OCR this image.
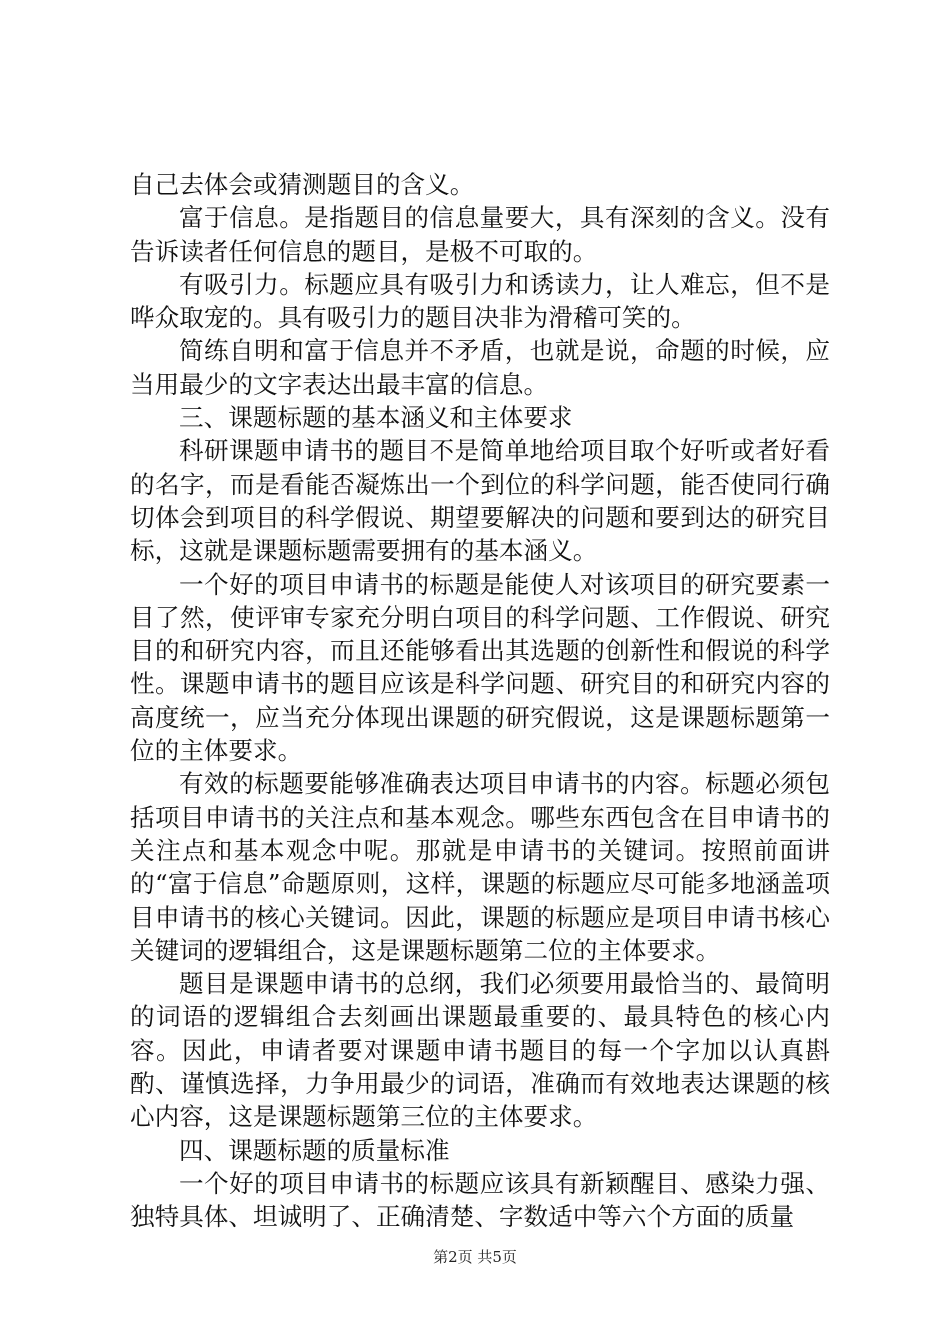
自己去体会或猜测题目的含义。

富于信息。是指题目的信息量要大，具有深刻的含义。没有告诉读者任何信息的题目，是极不可取的。

有吸引力。标题应具有吸引力和诱读力，让人难忘，但不是哗众取宠的。具有吸引力的题目决非为滑稽可笑的。

简练自明和富于信息并不矛盾，也就是说，命题的时候，应当用最少的文字表达出最丰富的信息。

三、课题标题的基本涵义和主体要求

科研课题申请书的题目不是简单地给项目取个好听或者好看的名字，而是看能否凝炼出一个到位的科学问题，能否使同行确切体会到项目的科学假说、期望要解决的问题和要到达的研究目标，这就是课题标题需要拥有的基本涵义。

一个好的项目申请书的标题是能使人对该项目的研究要素一目了然，使评审专家充分明白项目的科学问题、工作假说、研究目的和研究内容，而且还能够看出其选题的创新性和假说的科学性。课题申请书的题目应该是科学问题、研究目的和研究内容的高度统一，应当充分体现出课题的研究假说，这是课题标题第一位的主体要求。

有效的标题要能够准确表达项目申请书的内容。标题必须包括项目申请书的关注点和基本观念。哪些东西包含在目申请书的关注点和基本观念中呢。那就是申请书的关键词。按照前面讲的“富于信息”命题原则，这样，课题的标题应尽可能多地涵盖项目申请书的核心关键词。因此，课题的标题应是项目申请书核心关键词的逻辑组合，这是课题标题第二位的主体要求。

题目是课题申请书的总纲，我们必须要用最恰当的、最简明的词语的逻辑组合去刻画出课题最重要的、最具特色的核心内容。因此，申请者要对课题申请书题目的每一个字加以认真斟酌、谨慎选择，力争用最少的词语，准确而有效地表达课题的核心内容，这是课题标题第三位的主体要求。

四、课题标题的质量标准

一个好的项目申请书的标题应该具有新颖醒目、感染力强、独特具体、坦诚明了、正确清楚、字数适中等六个方面的质量

第2页 共5页
